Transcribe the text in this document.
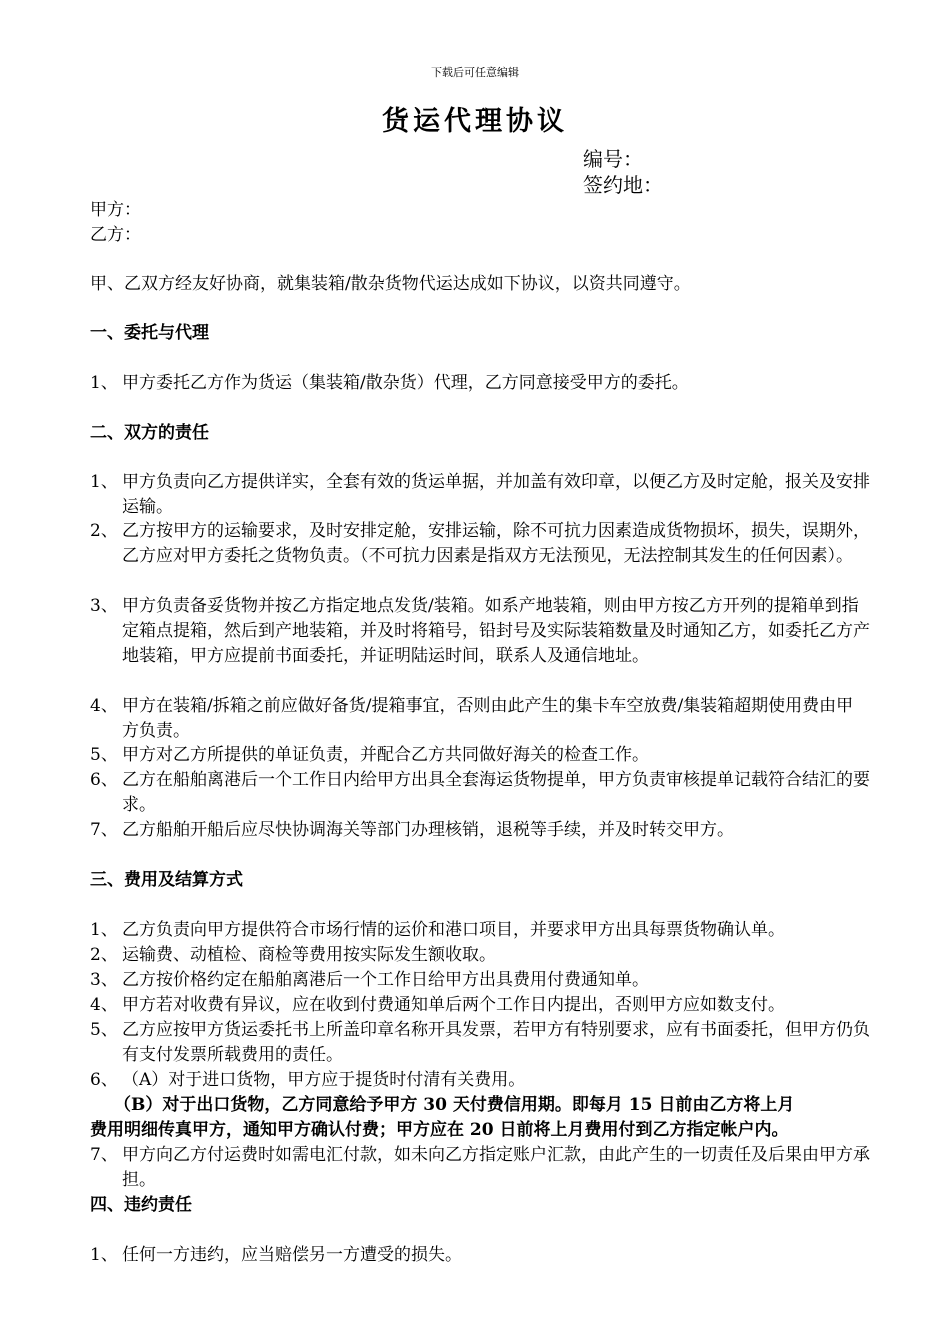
下载后可任意编辑
货运代理协议
编号：
签约地：
甲方：
乙方：
甲、乙双方经友好协商，就集装箱/散杂货物代运达成如下协议，以资共同遵守。
一、委托与代理
1、 甲方委托乙方作为货运（集装箱/散杂货）代理，乙方同意接受甲方的委托。
二、双方的责任
1、 甲方负责向乙方提供详实，全套有效的货运单据，并加盖有效印章，以便乙方及时定舱，报关及安排运输。
2、 乙方按甲方的运输要求，及时安排定舱，安排运输，除不可抗力因素造成货物损坏，损失，误期外，乙方应对甲方委托之货物负责。（不可抗力因素是指双方无法预见，无法控制其发生的任何因素）。
3、 甲方负责备妥货物并按乙方指定地点发货/装箱。如系产地装箱，则由甲方按乙方开列的提箱单到指定箱点提箱，然后到产地装箱，并及时将箱号，铅封号及实际装箱数量及时通知乙方，如委托乙方产地装箱，甲方应提前书面委托，并证明陆运时间，联系人及通信地址。
4、 甲方在装箱/拆箱之前应做好备货/提箱事宜，否则由此产生的集卡车空放费/集装箱超期使用费由甲方负责。
5、 甲方对乙方所提供的单证负责，并配合乙方共同做好海关的检查工作。
6、 乙方在船舶离港后一个工作日内给甲方出具全套海运货物提单，甲方负责审核提单记载符合结汇的要求。
7、 乙方船舶开船后应尽快协调海关等部门办理核销，退税等手续，并及时转交甲方。
三、费用及结算方式
1、 乙方负责向甲方提供符合市场行情的运价和港口项目，并要求甲方出具每票货物确认单。
2、 运输费、动植检、商检等费用按实际发生额收取。
3、 乙方按价格约定在船舶离港后一个工作日给甲方出具费用付费通知单。
4、 甲方若对收费有异议，应在收到付费通知单后两个工作日内提出，否则甲方应如数支付。
5、 乙方应按甲方货运委托书上所盖印章名称开具发票，若甲方有特别要求，应有书面委托，但甲方仍负有支付发票所载费用的责任。
6、 （A）对于进口货物，甲方应于提货时付清有关费用。
（B）对于出口货物，乙方同意给予甲方 30 天付费信用期。即每月 15 日前由乙方将上月
费用明细传真甲方，通知甲方确认付费；甲方应在 20 日前将上月费用付到乙方指定帐户内。
7、 甲方向乙方付运费时如需电汇付款，如未向乙方指定账户汇款，由此产生的一切责任及后果由甲方承担。
四、违约责任
1、 任何一方违约，应当赔偿另一方遭受的损失。
